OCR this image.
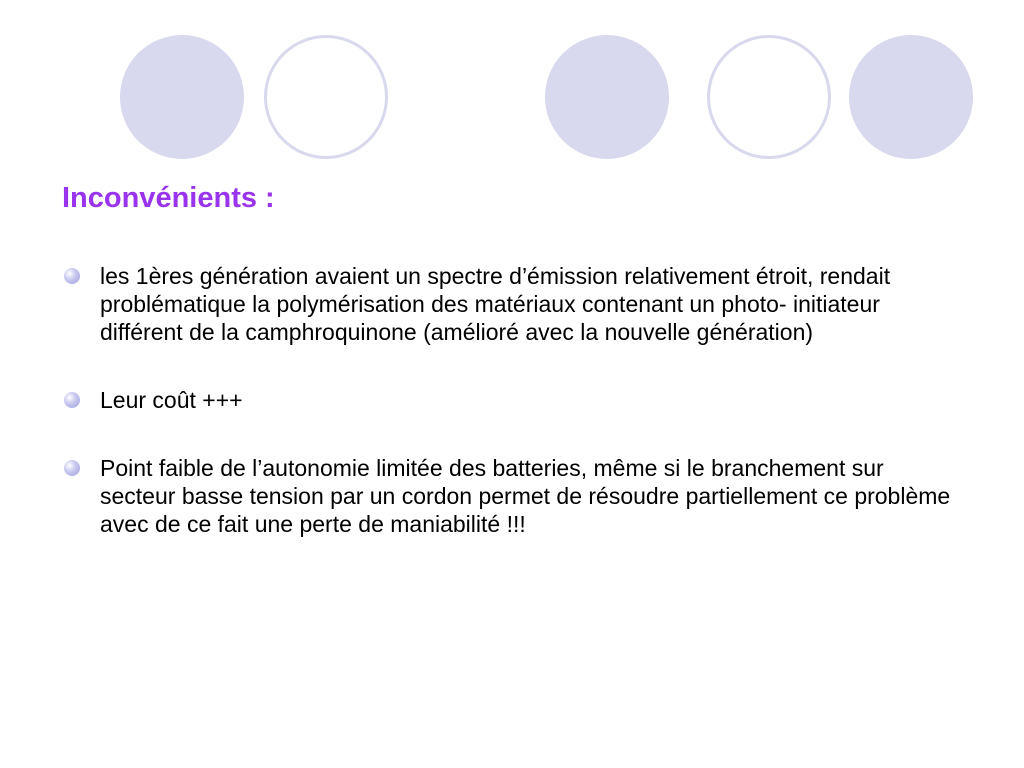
Inconvénients :
les 1ères génération avaient un spectre d’émission relativement étroit, rendait problématique la polymérisation des matériaux contenant un photo- initiateur différent de la camphroquinone (amélioré avec la nouvelle génération)
Leur coût +++
Point faible de l’autonomie limitée des batteries, même si le branchement sur secteur basse tension par un cordon permet de résoudre partiellement ce problème avec de ce fait une perte de maniabilité !!!
